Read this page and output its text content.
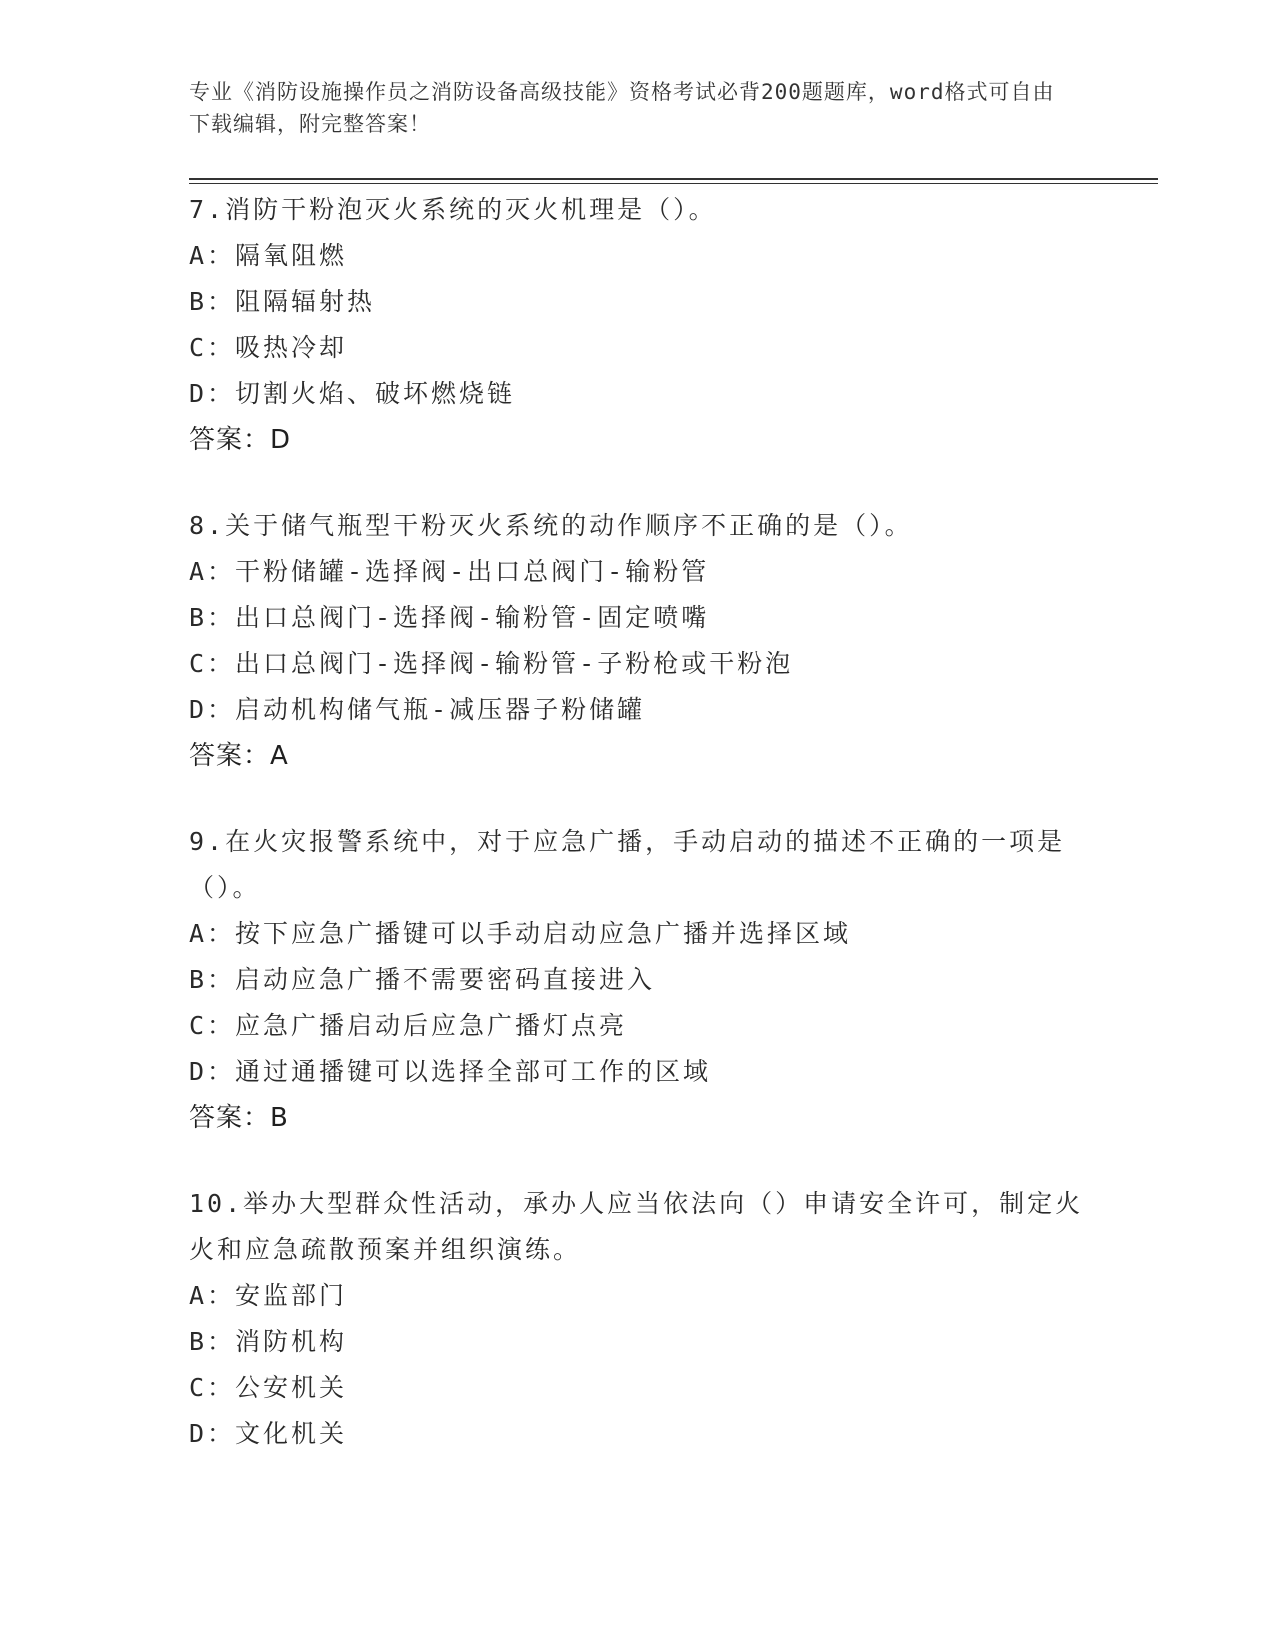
专业《消防设施操作员之消防设备高级技能》资格考试必背200题题库，word格式可自由下载编辑，附完整答案！

7.消防干粉泡灭火系统的灭火机理是（）。

A：隔氧阻燃

B：阻隔辐射热

C：吸热冷却

D：切割火焰、破坏燃烧链

答案：D

8.关于储气瓶型干粉灭火系统的动作顺序不正确的是（）。

A：干粉储罐-选择阀-出口总阀门-输粉管

B：出口总阀门-选择阀-输粉管-固定喷嘴

C：出口总阀门-选择阀-输粉管-子粉枪或干粉泡

D：启动机构储气瓶-减压器子粉储罐

答案：A

9.在火灾报警系统中，对于应急广播，手动启动的描述不正确的一项是（）。

A：按下应急广播键可以手动启动应急广播并选择区域

B：启动应急广播不需要密码直接进入

C：应急广播启动后应急广播灯点亮

D：通过通播键可以选择全部可工作的区域

答案：B

10.举办大型群众性活动，承办人应当依法向（）申请安全许可，制定火火和应急疏散预案并组织演练。

A：安监部门

B：消防机构

C：公安机关

D：文化机关
